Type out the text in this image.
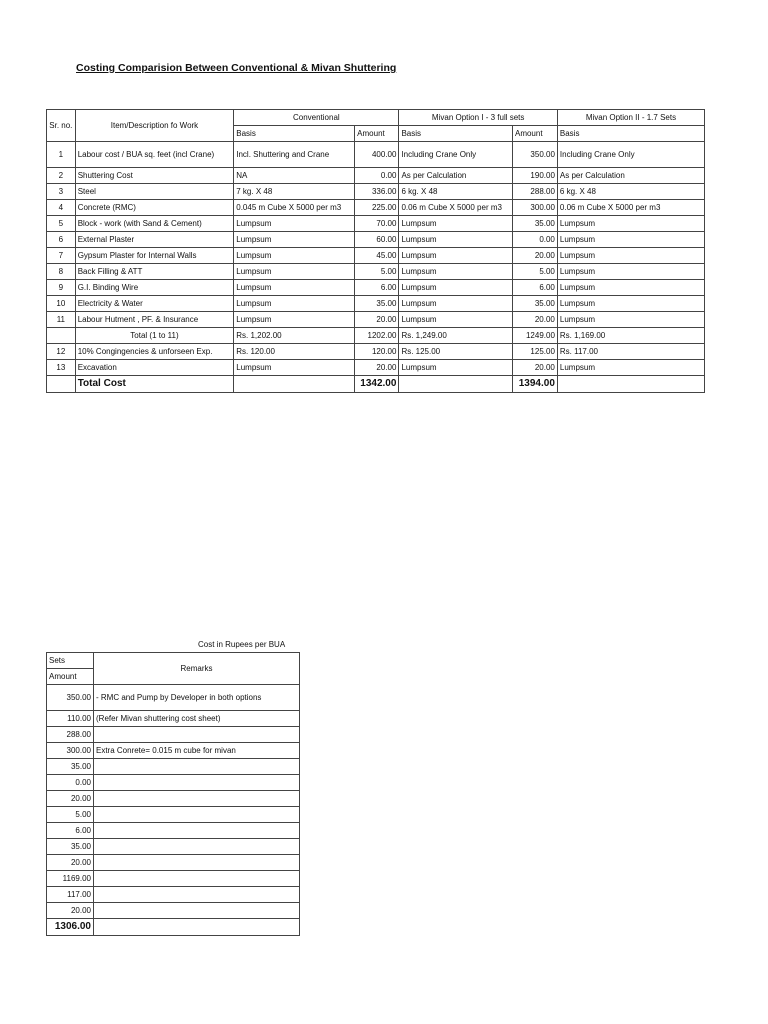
Costing Comparision Between Conventional & Mivan Shuttering
Sr. no.	Item/Description fo Work	Conventional		Mivan Option I - 3 full sets		Mivan Option II - 1.7 Sets
		Basis	Amount	Basis	Amount	Basis
1	Labour cost / BUA sq. feet (incl Crane)	Incl. Shuttering and Crane	400.00	Including Crane Only	350.00	Including Crane Only
2	Shuttering Cost	NA	0.00	As per Calculation	190.00	As per Calculation
3	Steel	7 kg. X 48	336.00	6 kg. X 48	288.00	6 kg. X 48
4	Concrete (RMC)	0.045 m Cube X 5000 per m3	225.00	0.06 m Cube X 5000 per m3	300.00	0.06 m Cube X 5000 per m3
5	Block - work (with Sand & Cement)	Lumpsum	70.00	Lumpsum	35.00	Lumpsum
6	External Plaster	Lumpsum	60.00	Lumpsum	0.00	Lumpsum
7	Gypsum Plaster for Internal Walls	Lumpsum	45.00	Lumpsum	20.00	Lumpsum
8	Back Filling & ATT	Lumpsum	5.00	Lumpsum	5.00	Lumpsum
9	G.I. Binding Wire	Lumpsum	6.00	Lumpsum	6.00	Lumpsum
10	Electricity & Water	Lumpsum	35.00	Lumpsum	35.00	Lumpsum
11	Labour Hutment , PF. & Insurance	Lumpsum	20.00	Lumpsum	20.00	Lumpsum
	Total (1 to 11)	Rs. 1,202.00	1202.00	Rs. 1,249.00	1249.00	Rs. 1,169.00
12	10% Congingencies & unforseen Exp.	Rs. 120.00	120.00	Rs. 125.00	125.00	Rs. 117.00
13	Excavation	Lumpsum	20.00	Lumpsum	20.00	Lumpsum
	Total Cost		1342.00		1394.00	
Cost in Rupees per BUA
Sets	Remarks
Amount	
350.00	- RMC and Pump by Developer in both options
110.00	(Refer Mivan shuttering cost sheet)
288.00	
300.00	Extra Conrete= 0.015 m cube for mivan
35.00	
0.00	
20.00	
5.00	
6.00	
35.00	
20.00	
1169.00	
117.00	
20.00	
1306.00	
